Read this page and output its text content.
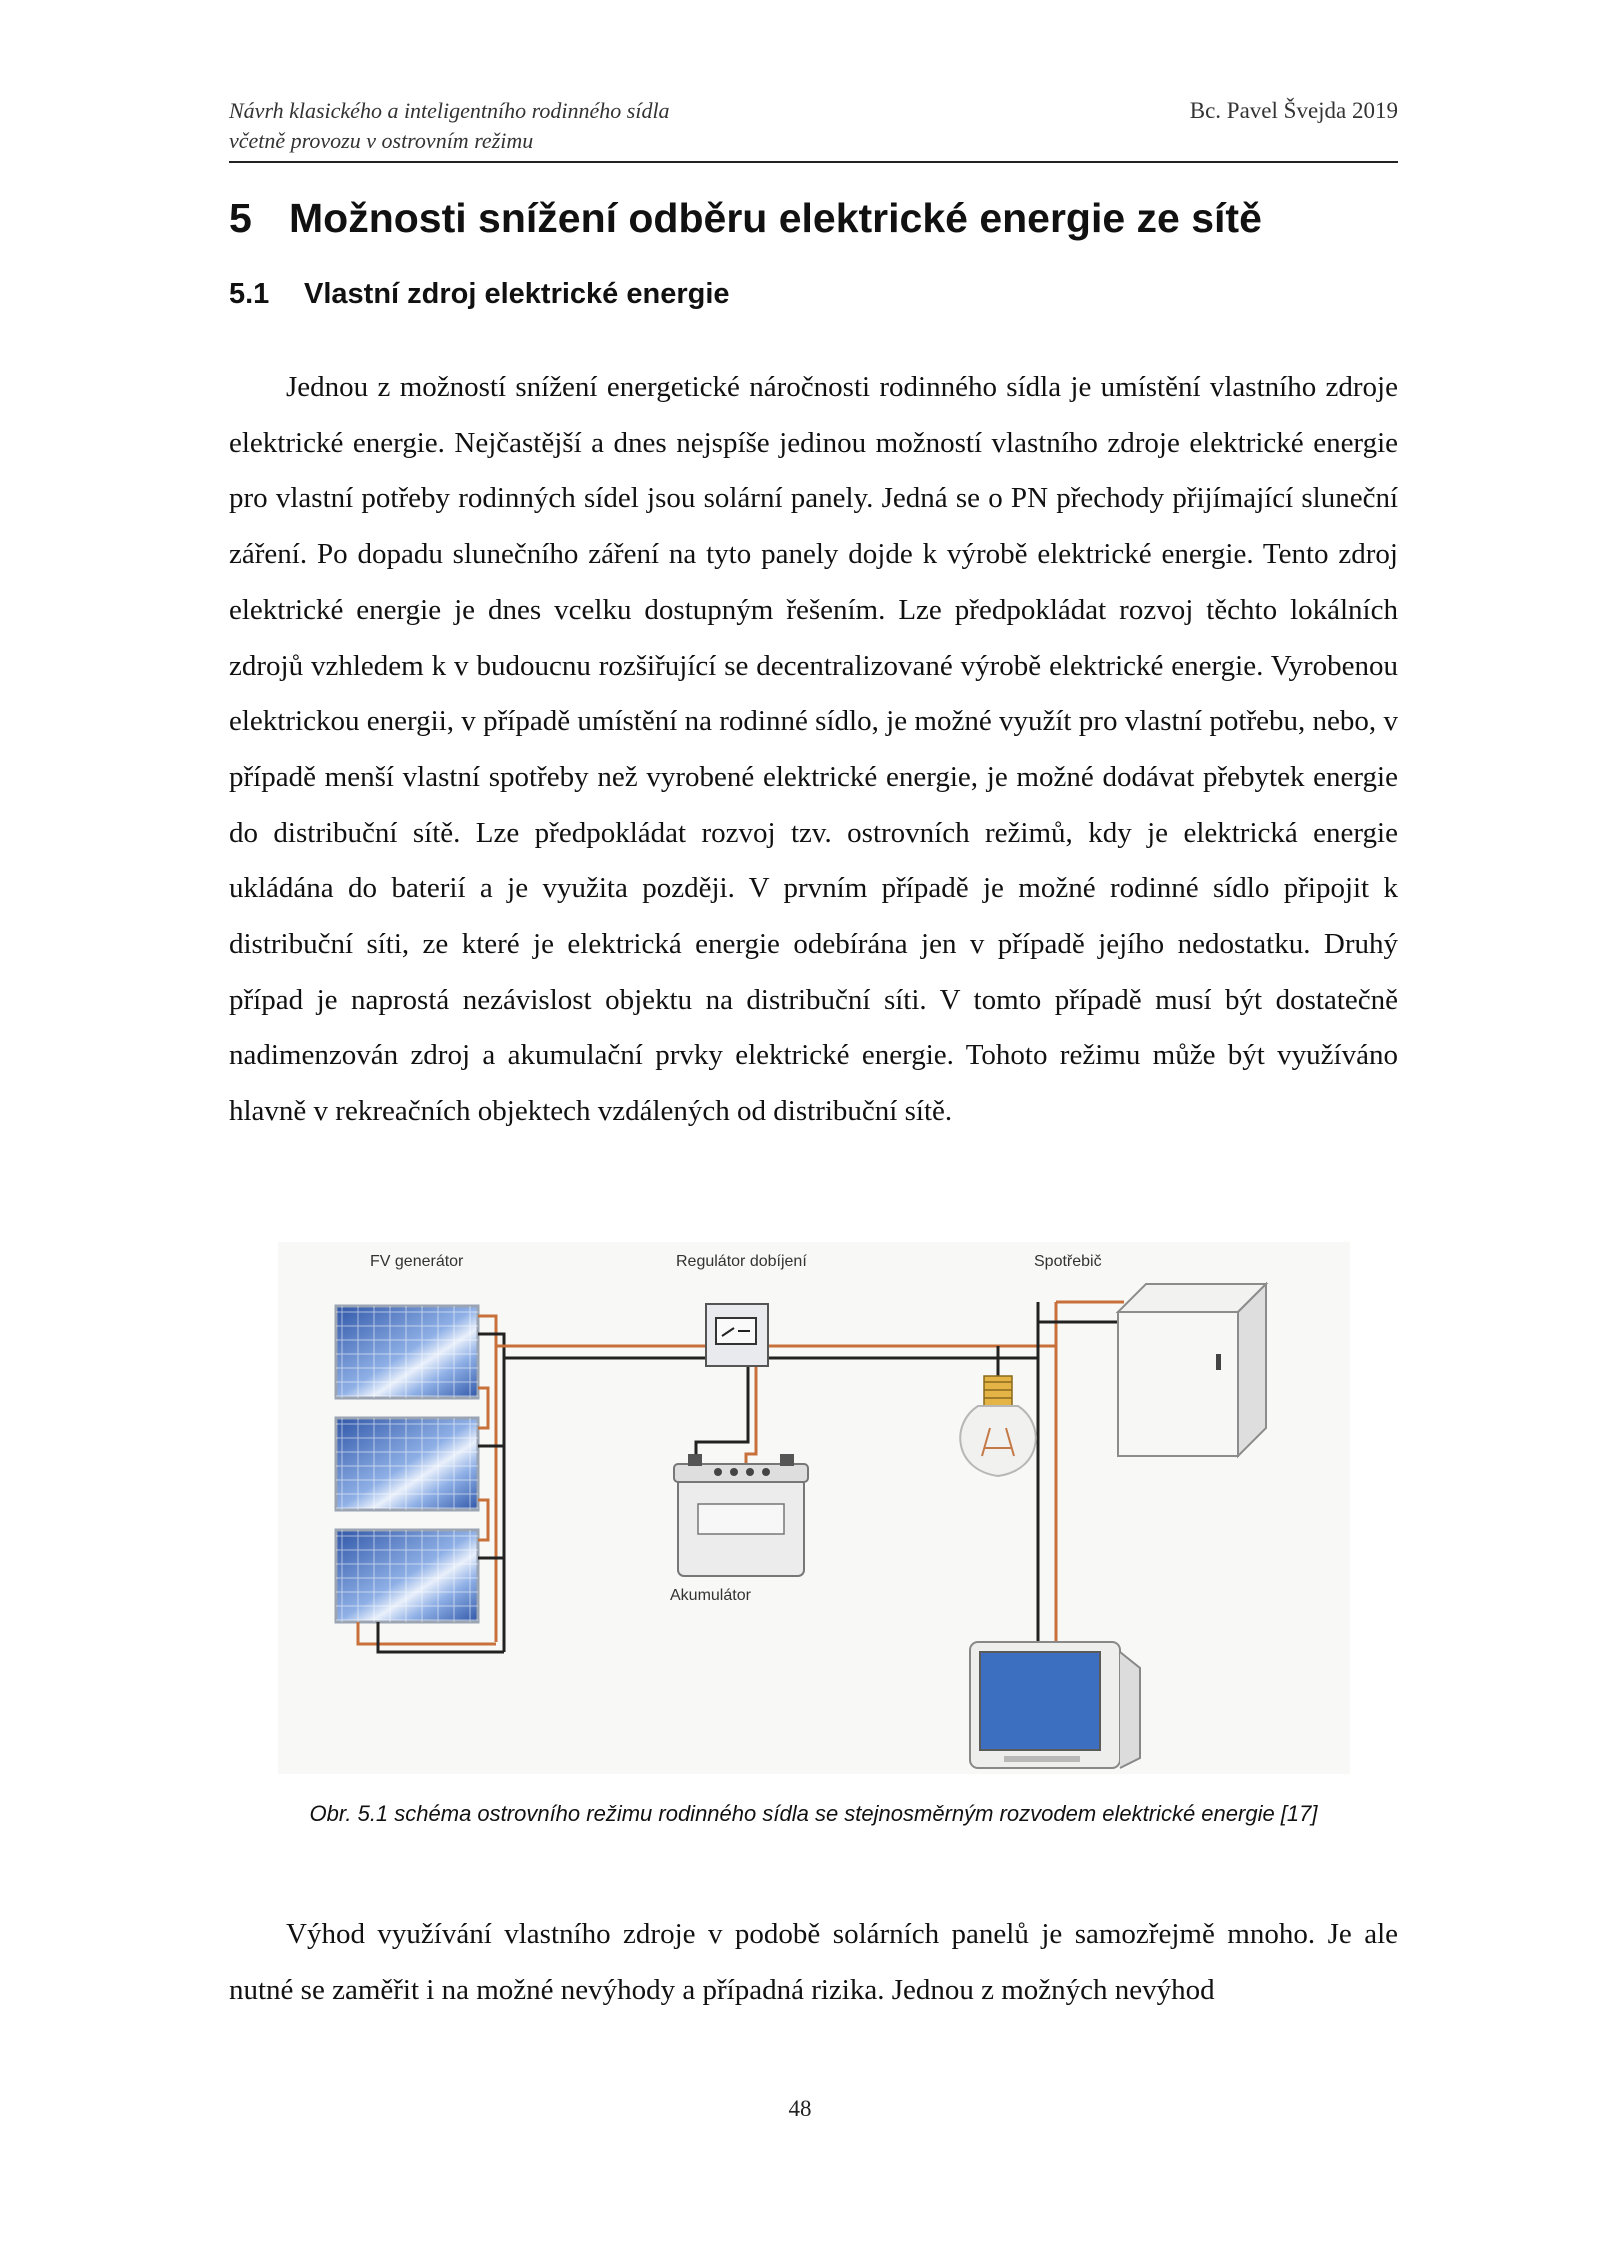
Návrh klasického a inteligentního rodinného sídla
včetně provozu v ostrovním režimu
Bc. Pavel Švejda 2019
5 Možnosti snížení odběru elektrické energie ze sítě
5.1 Vlastní zdroj elektrické energie

Jednou z možností snížení energetické náročnosti rodinného sídla je umístění vlastního zdroje elektrické energie. Nejčastější a dnes nejspíše jedinou možností vlastního zdroje elektrické energie pro vlastní potřeby rodinných sídel jsou solární panely. Jedná se o PN přechody přijímající sluneční záření. Po dopadu slunečního záření na tyto panely dojde k výrobě elektrické energie. Tento zdroj elektrické energie je dnes vcelku dostupným řešením. Lze předpokládat rozvoj těchto lokálních zdrojů vzhledem k v budoucnu rozšiřující se decentralizované výrobě elektrické energie. Vyrobenou elektrickou energii, v případě umístění na rodinné sídlo, je možné využít pro vlastní potřebu, nebo, v případě menší vlastní spotřeby než vyrobené elektrické energie, je možné dodávat přebytek energie do distribuční sítě. Lze předpokládat rozvoj tzv. ostrovních režimů, kdy je elektrická energie ukládána do baterií a je využita později. V prvním případě je možné rodinné sídlo připojit k distribuční síti, ze které je elektrická energie odebírána jen v případě jejího nedostatku. Druhý případ je naprostá nezávislost objektu na distribuční síti. V tomto případě musí být dostatečně nadimenzován zdroj a akumulační prvky elektrické energie. Tohoto režimu může být využíváno hlavně v rekreačních objektech vzdálených od distribuční sítě.

FV generátor	Regulátor dobíjení	Spotřebič
Akumulátor
Obr. 5.1 schéma ostrovního režimu rodinného sídla se stejnosměrným rozvodem elektrické energie [17]

Výhod využívání vlastního zdroje v podobě solárních panelů je samozřejmě mnoho. Je ale nutné se zaměřit i na možné nevýhody a případná rizika. Jednou z možných nevýhod

48
